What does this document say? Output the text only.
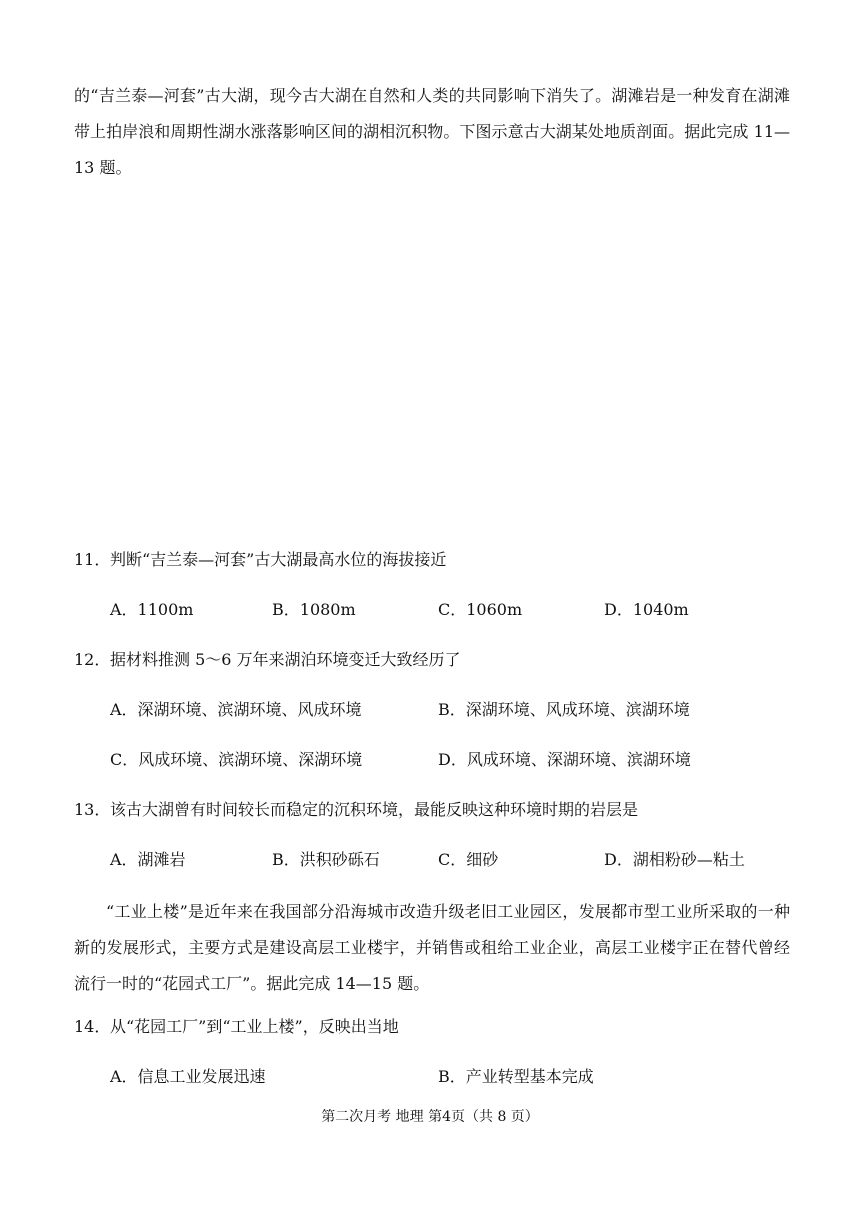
的“吉兰泰—河套”古大湖，现今古大湖在自然和人类的共同影响下消失了。湖滩岩是一种发育在湖滩带上拍岸浪和周期性湖水涨落影响区间的湖相沉积物。下图示意古大湖某处地质剖面。据此完成 11—13 题。
11．判断“吉兰泰—河套”古大湖最高水位的海拔接近
A．1100m	B．1080m	C．1060m	D．1040m
12．据材料推测 5～6 万年来湖泊环境变迁大致经历了
A．深湖环境、滨湖环境、风成环境	B．深湖环境、风成环境、滨湖环境
C．风成环境、滨湖环境、深湖环境	D．风成环境、深湖环境、滨湖环境
13．该古大湖曾有时间较长而稳定的沉积环境，最能反映这种环境时期的岩层是
A．湖滩岩	B．洪积砂砾石	C．细砂	D．湖相粉砂—粘土
“工业上楼”是近年来在我国部分沿海城市改造升级老旧工业园区，发展都市型工业所采取的一种新的发展形式，主要方式是建设高层工业楼宇，并销售或租给工业企业，高层工业楼宇正在替代曾经流行一时的“花园式工厂”。据此完成 14—15 题。
14．从“花园工厂”到“工业上楼”，反映出当地
A．信息工业发展迅速	B．产业转型基本完成
第二次月考 地理 第4页（共 8 页）
